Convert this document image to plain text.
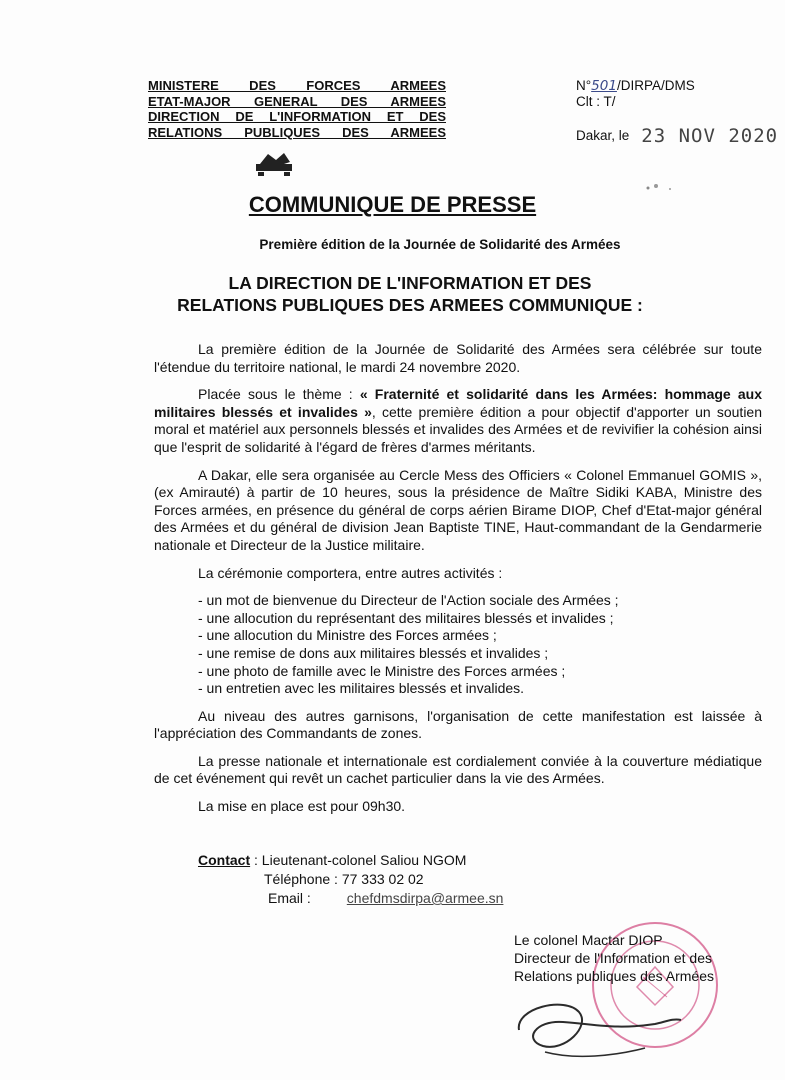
MINISTERE DES FORCES ARMEES
ETAT-MAJOR GENERAL DES ARMEES
DIRECTION DE L'INFORMATION ET DES
RELATIONS PUBLIQUES DES ARMEES
N°501/DIRPA/DMS
Clt : T/
Dakar, le 23 NOV 2020
COMMUNIQUE DE PRESSE
Première édition de la Journée de Solidarité des Armées
LA DIRECTION DE L'INFORMATION ET DES
RELATIONS PUBLIQUES DES ARMEES COMMUNIQUE :

La première édition de la Journée de Solidarité des Armées sera célébrée sur toute l'étendue du territoire national, le mardi 24 novembre 2020.

Placée sous le thème : « Fraternité et solidarité dans les Armées: hommage aux militaires blessés et invalides », cette première édition a pour objectif d'apporter un soutien moral et matériel aux personnels blessés et invalides des Armées et de revivifier la cohésion ainsi que l'esprit de solidarité à l'égard de frères d'armes méritants.

A Dakar, elle sera organisée au Cercle Mess des Officiers « Colonel Emmanuel GOMIS », (ex Amirauté) à partir de 10 heures, sous la présidence de Maître Sidiki KABA, Ministre des Forces armées, en présence du général de corps aérien Birame DIOP, Chef d'Etat-major général des Armées et du général de division Jean Baptiste TINE, Haut-commandant de la Gendarmerie nationale et Directeur de la Justice militaire.

La cérémonie comportera, entre autres activités :

- un mot de bienvenue du Directeur de l'Action sociale des Armées ;
- une allocution du représentant des militaires blessés et invalides ;
- une allocution du Ministre des Forces armées ;
- une remise de dons aux militaires blessés et invalides ;
- une photo de famille avec le Ministre des Forces armées ;
- un entretien avec les militaires blessés et invalides.

Au niveau des autres garnisons, l'organisation de cette manifestation est laissée à l'appréciation des Commandants de zones.

La presse nationale et internationale est cordialement conviée à la couverture médiatique de cet événement qui revêt un cachet particulier dans la vie des Armées.

La mise en place est pour 09h30.

Contact : Lieutenant-colonel Saliou NGOM
Téléphone : 77 333 02 02
Email :	chefdmsdirpa@armee.sn
Le colonel Mactar DIOP
Directeur de l'Information et des
Relations publiques des Armées
